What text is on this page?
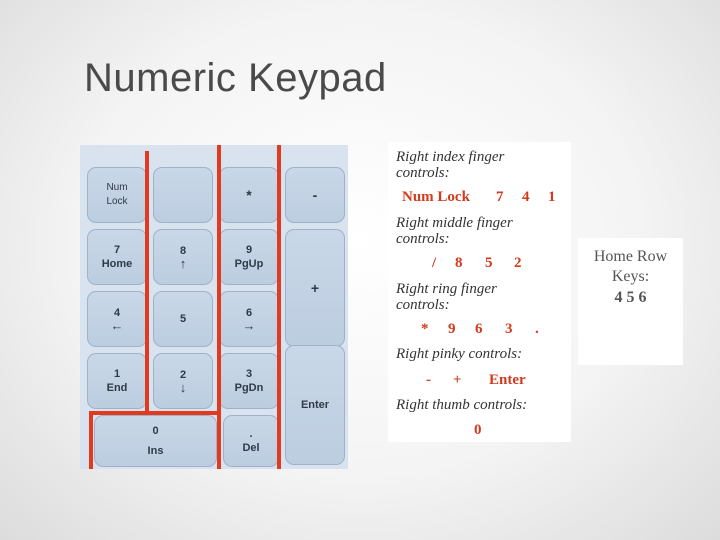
Numeric Keypad
Num
Lock	*	-
7
Home
8
↑
9
PgUp
+
4
←	5	6
→
1
End
2
↓
3
PgDn
Enter
0
Ins
.
Del
Right index finger
controls:
Num Lock 7 4 1
Right middle finger
controls:
/ 8 5 2
Right ring finger
controls:
* 9 6 3 .
Right pinky controls:
- + Enter
Right thumb controls:
0
Home Row
Keys:
4 5 6
